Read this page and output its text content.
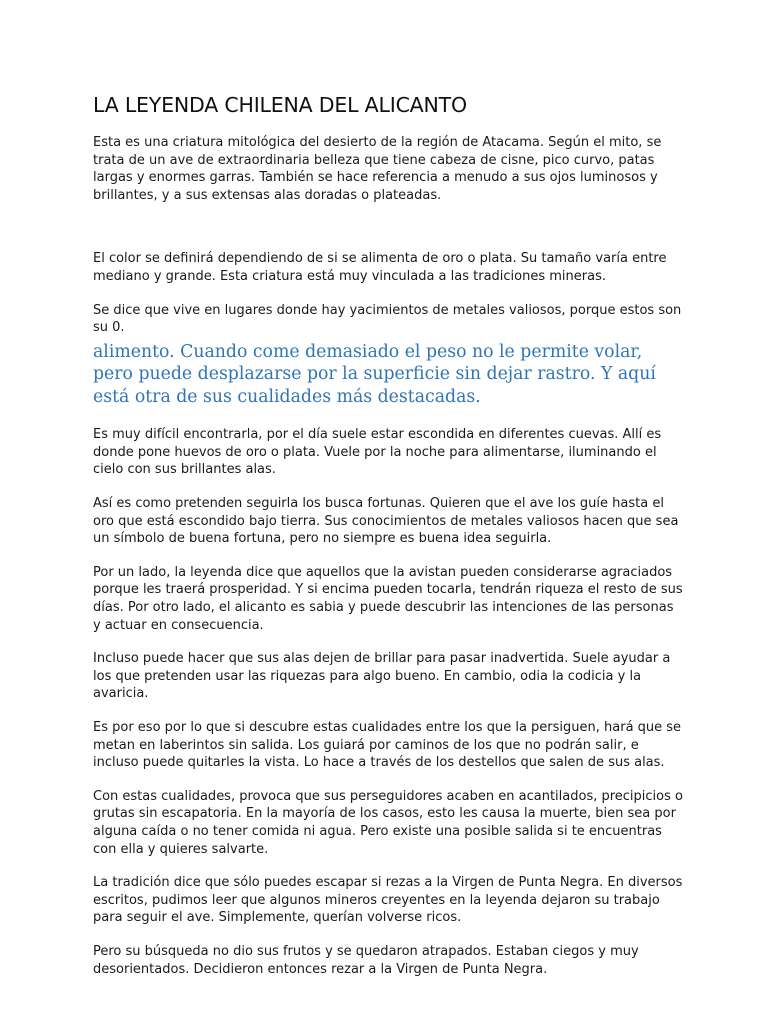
LA LEYENDA CHILENA DEL ALICANTO

Esta es una criatura mitológica del desierto de la región de Atacama. Según el mito, se trata de un ave de extraordinaria belleza que tiene cabeza de cisne, pico curvo, patas largas y enormes garras. También se hace referencia a menudo a sus ojos luminosos y brillantes, y a sus extensas alas doradas o plateadas.

El color se definirá dependiendo de si se alimenta de oro o plata. Su tamaño varía entre mediano y grande. Esta criatura está muy vinculada a las tradiciones mineras.

Se dice que vive en lugares donde hay yacimientos de metales valiosos, porque estos son su 0.

alimento. Cuando come demasiado el peso no le permite volar, pero puede desplazarse por la superficie sin dejar rastro. Y aquí está otra de sus cualidades más destacadas.

Es muy difícil encontrarla, por el día suele estar escondida en diferentes cuevas. Allí es donde pone huevos de oro o plata. Vuele por la noche para alimentarse, iluminando el cielo con sus brillantes alas.

Así es como pretenden seguirla los busca fortunas. Quieren que el ave los guíe hasta el oro que está escondido bajo tierra. Sus conocimientos de metales valiosos hacen que sea un símbolo de buena fortuna, pero no siempre es buena idea seguirla.

Por un lado, la leyenda dice que aquellos que la avistan pueden considerarse agraciados porque les traerá prosperidad. Y si encima pueden tocarla, tendrán riqueza el resto de sus días. Por otro lado, el alicanto es sabia y puede descubrir las intenciones de las personas y actuar en consecuencia.

Incluso puede hacer que sus alas dejen de brillar para pasar inadvertida. Suele ayudar a los que pretenden usar las riquezas para algo bueno. En cambio, odia la codicia y la avaricia.

Es por eso por lo que si descubre estas cualidades entre los que la persiguen, hará que se metan en laberintos sin salida. Los guiará por caminos de los que no podrán salir, e incluso puede quitarles la vista. Lo hace a través de los destellos que salen de sus alas.

Con estas cualidades, provoca que sus perseguidores acaben en acantilados, precipicios o grutas sin escapatoria. En la mayoría de los casos, esto les causa la muerte, bien sea por alguna caída o no tener comida ni agua. Pero existe una posible salida si te encuentras con ella y quieres salvarte.

La tradición dice que sólo puedes escapar si rezas a la Virgen de Punta Negra. En diversos escritos, pudimos leer que algunos mineros creyentes en la leyenda dejaron su trabajo para seguir el ave. Simplemente, querían volverse ricos.

Pero su búsqueda no dio sus frutos y se quedaron atrapados. Estaban ciegos y muy desorientados. Decidieron entonces rezar a la Virgen de Punta Negra.
